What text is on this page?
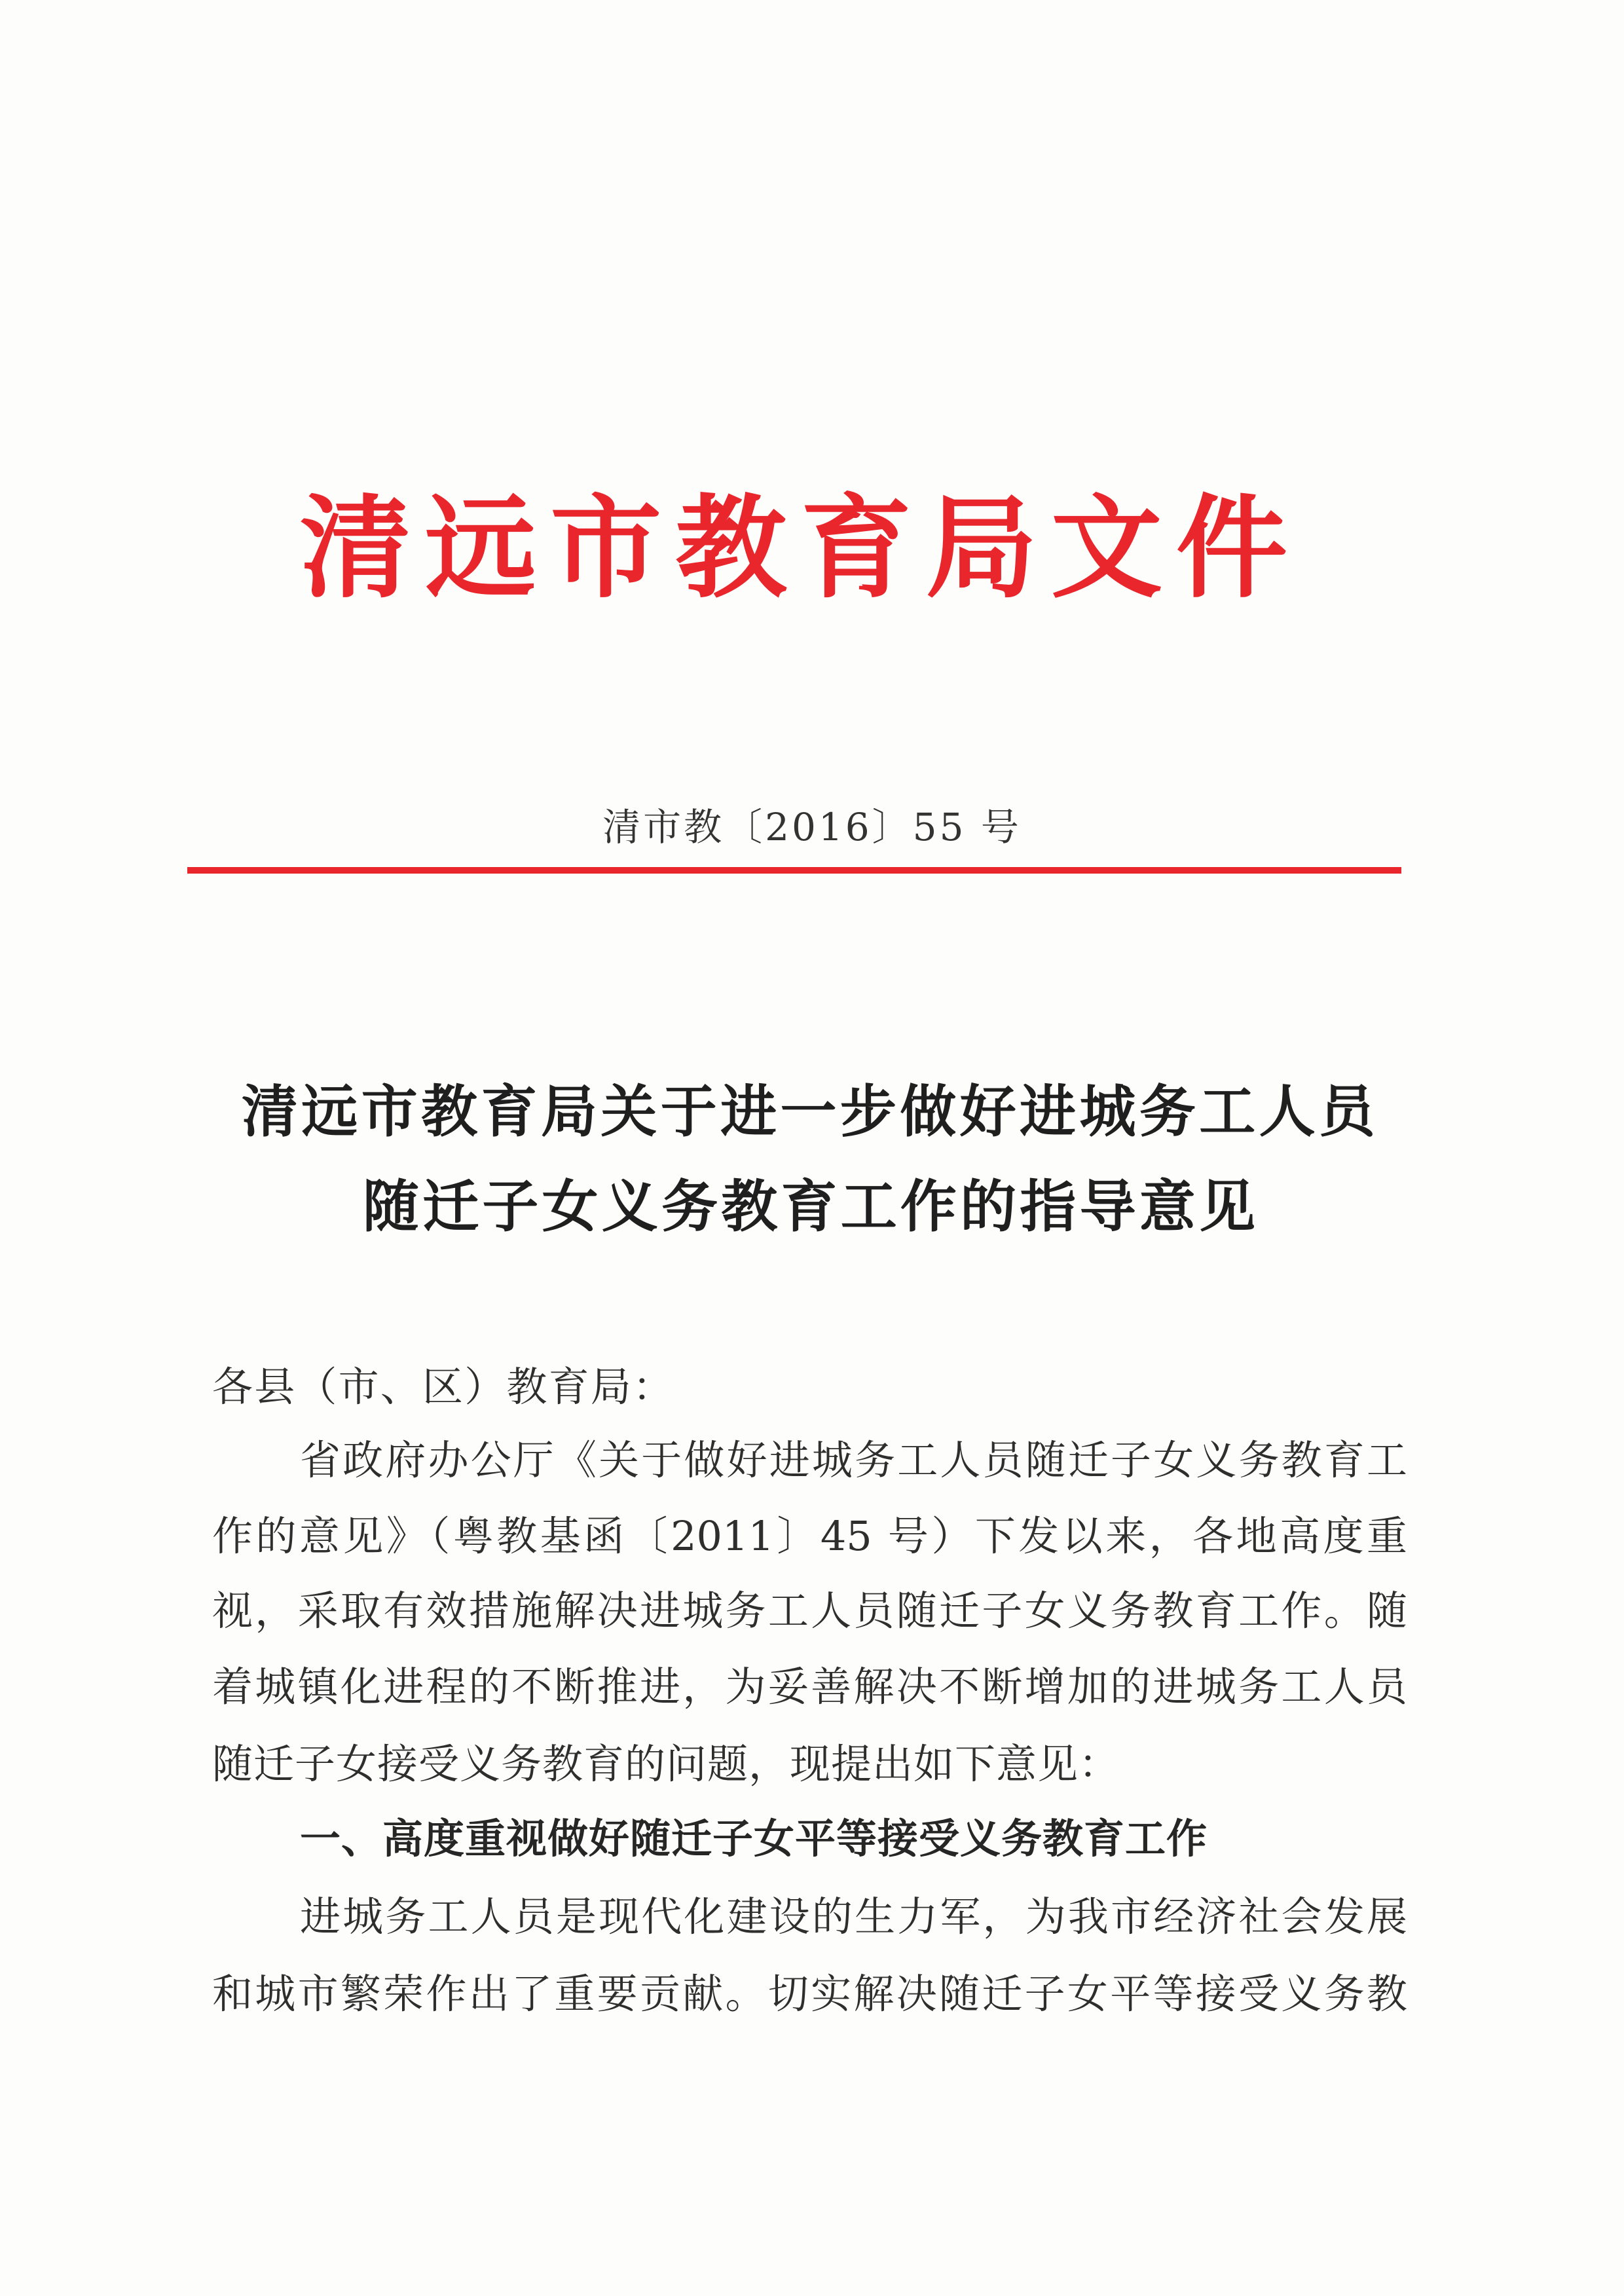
清远市教育局文件
清市教〔2016〕55 号
清远市教育局关于进一步做好进城务工人员
随迁子女义务教育工作的指导意见
各县（市、区）教育局：
省政府办公厅《关于做好进城务工人员随迁子女义务教育工
作的意见》（粤教基函〔2011〕45 号）下发以来，各地高度重
视，采取有效措施解决进城务工人员随迁子女义务教育工作。随
着城镇化进程的不断推进，为妥善解决不断增加的进城务工人员
随迁子女接受义务教育的问题，现提出如下意见：
一、高度重视做好随迁子女平等接受义务教育工作
进城务工人员是现代化建设的生力军，为我市经济社会发展
和城市繁荣作出了重要贡献。切实解决随迁子女平等接受义务教
